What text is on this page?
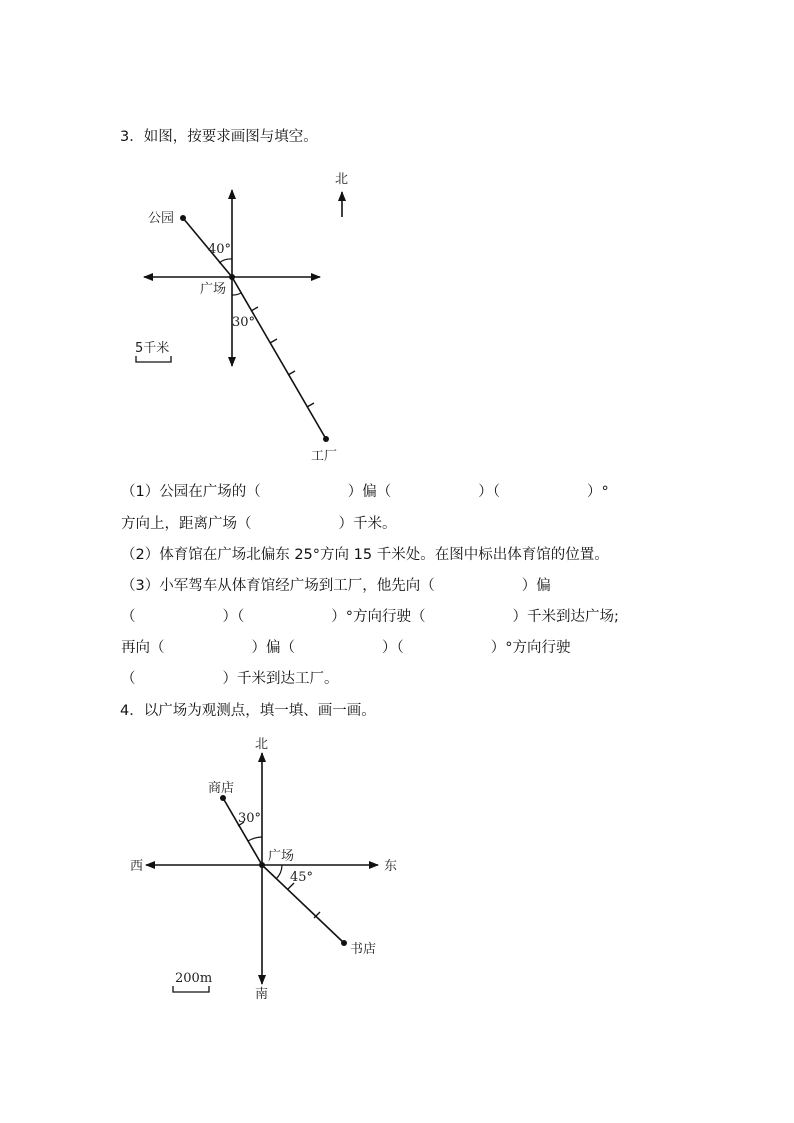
3．如图，按要求画图与填空。
北
公园
广场
工厂
40°
30°
5千米
（1）公园在广场的（　　　　　　）偏（　　　　　　）（　　　　　　）°
方向上，距离广场（　　　　　　）千米。
（2）体育馆在广场北偏东 25°方向 15 千米处。在图中标出体育馆的位置。
（3）小军驾车从体育馆经广场到工厂，他先向（　　　　　　）偏
（　　　　　　）（　　　　　　）°方向行驶（　　　　　　）千米到达广场;
再向（　　　　　　）偏（　　　　　　）（　　　　　　）°方向行驶
（　　　　　　）千米到达工厂。
4．以广场为观测点，填一填、画一画。
北
南
西	东
广场
商店
书店
30°
45°
200m
